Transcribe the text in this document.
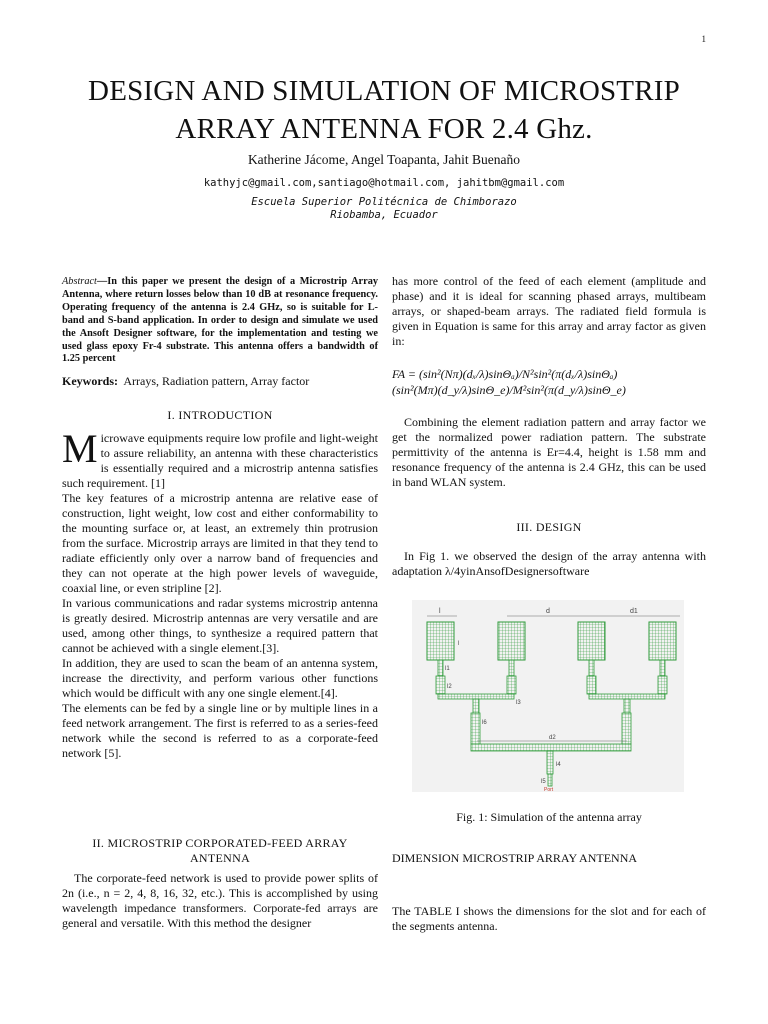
1
DESIGN AND SIMULATION OF MICROSTRIP ARRAY ANTENNA FOR 2.4 Ghz.
Katherine Jácome, Angel Toapanta, Jahit Buenaño
kathyjc@gmail.com,santiago@hotmail.com, jahitbm@gmail.com
Escuela Superior Politécnica de Chimborazo
Riobamba, Ecuador
Abstract—In this paper we present the design of a Microstrip Array Antenna, where return losses below than 10 dB at resonance frequency. Operating frequency of the antenna is 2.4 GHz, so is suitable for L-band and S-band application. In order to design and simulate we used the Ansoft Designer software, for the implementation and testing we used glass epoxy Fr-4 substrate. This antenna offers a bandwidth of 1.25 percent
Keywords: Arrays, Radiation pattern, Array factor
I. INTRODUCTION

Microwave equipments require low profile and light-weight to assure reliability, an antenna with these characteristics is essentially required and a microstrip antenna satisfies such requirement. [1]

The key features of a microstrip antenna are relative ease of construction, light weight, low cost and either conformability to the mounting surface or, at least, an extremely thin protrusion from the surface. Microstrip arrays are limited in that they tend to radiate efficiently only over a narrow band of frequencies and they can not operate at the high power levels of waveguide, coaxial line, or even stripline [2].

In various communications and radar systems microstrip antenna is greatly desired. Microstrip antennas are very versatile and are used, among other things, to synthesize a required pattern that cannot be achieved with a single element.[3].

In addition, they are used to scan the beam of an antenna system, increase the directivity, and perform various other functions which would be difficult with any one single element.[4].

The elements can be fed by a single line or by multiple lines in a feed network arrangement. The first is referred to as a series-feed network while the second is referred to as a corporate-feed network [5].

II. MICROSTRIP CORPORATED-FEED ARRAY ANTENNA

The corporate-feed network is used to provide power splits of 2n (i.e., n = 2, 4, 8, 16, 32, etc.). This is accomplished by using wavelength impedance transformers. Corporate-fed arrays are general and versatile. With this method the designer

has more control of the feed of each element (amplitude and phase) and it is ideal for scanning phased arrays, multibeam arrays, or shaped-beam arrays. The radiated field formula is given in Equation is same for this array and array factor as given in:
FA = (sin²(Nπ)(dₓ/λ)sinΘₐ)/N²sin²(π(dₓ/λ)sinΘₐ)
(sin²(Mπ)(d_y/λ)sinΘ_e)/M²sin²(π(d_y/λ)sinΘ_e)

Combining the element radiation pattern and array factor we get the normalized power radiation pattern. The substrate permittivity of the antenna is Er=4.4, height is 1.58 mm and resonance frequency of the antenna is 2.4 GHz, this can be used in band WLAN system.

III. DESIGN

In Fig 1. we observed the design of the array antenna with adaptation λ/4yinAnsofDesignersoftware

l	d	d1
l
l1
l2
l3
l6
d2
l4
l5
Port
Fig. 1: Simulation of the antenna array
DIMENSION MICROSTRIP ARRAY ANTENNA
The TABLE I shows the dimensions for the slot and for each of the segments antenna.
